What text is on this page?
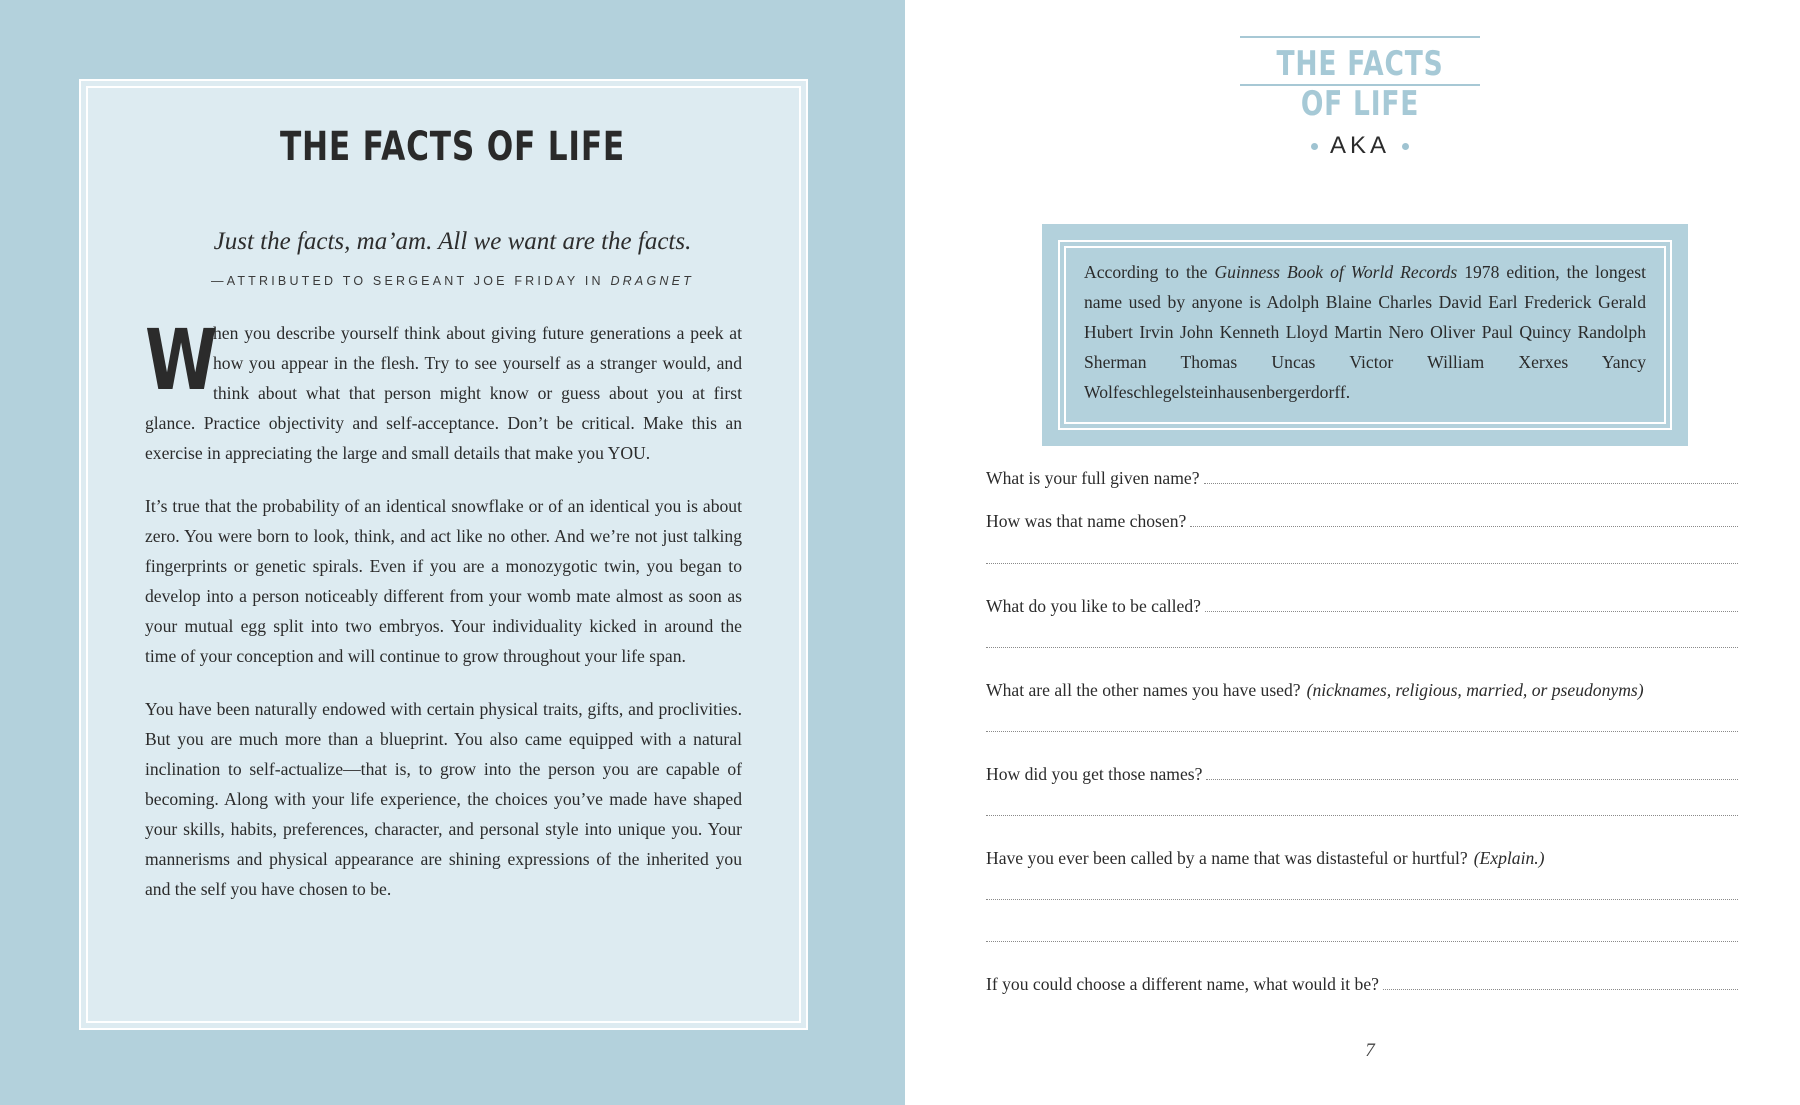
THE FACTS OF LIFE
Just the facts, ma’am. All we want are the facts.
—ATTRIBUTED TO SERGEANT JOE FRIDAY IN DRAGNET
W
hen you describe yourself think about giving future generations a peek at how you appear in the flesh. Try to see yourself as a stranger would, and think about what that person might know or guess about you at first glance. Practice objectivity and self-acceptance. Don’t be critical. Make this an exercise in appreciating the large and small details that make you YOU.
It’s true that the probability of an identical snowflake or of an identical you is about zero. You were born to look, think, and act like no other. And we’re not just talking fingerprints or genetic spirals. Even if you are a monozygotic twin, you began to develop into a person noticeably different from your womb mate almost as soon as your mutual egg split into two embryos. Your individuality kicked in around the time of your conception and will continue to grow throughout your life span.
You have been naturally endowed with certain physical traits, gifts, and proclivities. But you are much more than a blueprint. You also came equipped with a natural inclination to self-actualize—that is, to grow into the person you are capable of becoming. Along with your life experience, the choices you’ve made have shaped your skills, habits, preferences, character, and personal style into unique you. Your mannerisms and physical appearance are shining expressions of the inherited you and the self you have chosen to be.
THE FACTS OF LIFE
AKA
According to the Guinness Book of World Records 1978 edition, the longest name used by anyone is Adolph Blaine Charles David Earl Frederick Gerald Hubert Irvin John Kenneth Lloyd Martin Nero Oliver Paul Quincy Randolph Sherman Thomas Uncas Victor William Xerxes Yancy Wolfeschlegelsteinhausenbergerdorff.
What is your full given name?
How was that name chosen?
What do you like to be called?
What are all the other names you have used? (nicknames, religious, married, or pseudonyms)
How did you get those names?
Have you ever been called by a name that was distasteful or hurtful? (Explain.)
If you could choose a different name, what would it be?
7
